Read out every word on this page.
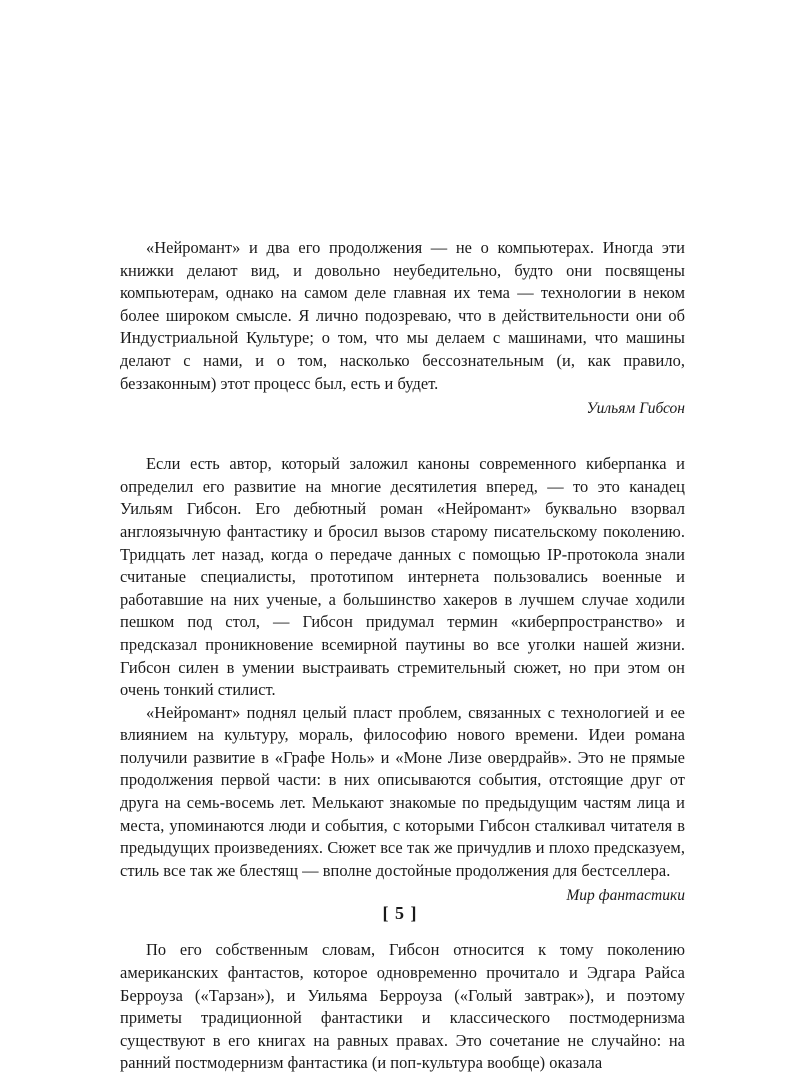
«Нейромант» и два его продолжения — не о компьютерах. Иногда эти книжки делают вид, и довольно неубедительно, будто они посвящены компьютерам, однако на самом деле главная их тема — технологии в неком более широком смысле. Я лично подозреваю, что в действительности они об Индустриальной Культуре; о том, что мы делаем с машинами, что машины делают с нами, и о том, насколько бессознательным (и, как правило, беззаконным) этот процесс был, есть и будет.

Уильям Гибсон

Если есть автор, который заложил каноны современного киберпанка и определил его развитие на многие десятилетия вперед, — то это канадец Уильям Гибсон. Его дебютный роман «Нейромант» буквально взорвал англоязычную фантастику и бросил вызов старому писательскому поколению. Тридцать лет назад, когда о передаче данных с помощью IP-протокола знали считаные специалисты, прототипом интернета пользовались военные и работавшие на них ученые, а большинство хакеров в лучшем случае ходили пешком под стол, — Гибсон придумал термин «киберпространство» и предсказал проникновение всемирной паутины во все уголки нашей жизни. Гибсон силен в умении выстраивать стремительный сюжет, но при этом он очень тонкий стилист.

«Нейромант» поднял целый пласт проблем, связанных с технологией и ее влиянием на культуру, мораль, философию нового времени. Идеи романа получили развитие в «Графе Ноль» и «Моне Лизе овердрайв». Это не прямые продолжения первой части: в них описываются события, отстоящие друг от друга на семь-восемь лет. Мелькают знакомые по предыдущим частям лица и места, упоминаются люди и события, с которыми Гибсон сталкивал читателя в предыдущих произведениях. Сюжет все так же причудлив и плохо предсказуем, стиль все так же блестящ — вполне достойные продолжения для бестселлера.

Мир фантастики

По его собственным словам, Гибсон относится к тому поколению американских фантастов, которое одновременно прочитало и Эдгара Райса Берроуза («Тарзан»), и Уильяма Берроуза («Голый завтрак»), и поэтому приметы традиционной фантастики и классического постмодернизма существуют в его книгах на равных правах. Это сочетание не случайно: на ранний постмодернизм фантастика (и поп-культура вообще) оказала

[ 5 ]
